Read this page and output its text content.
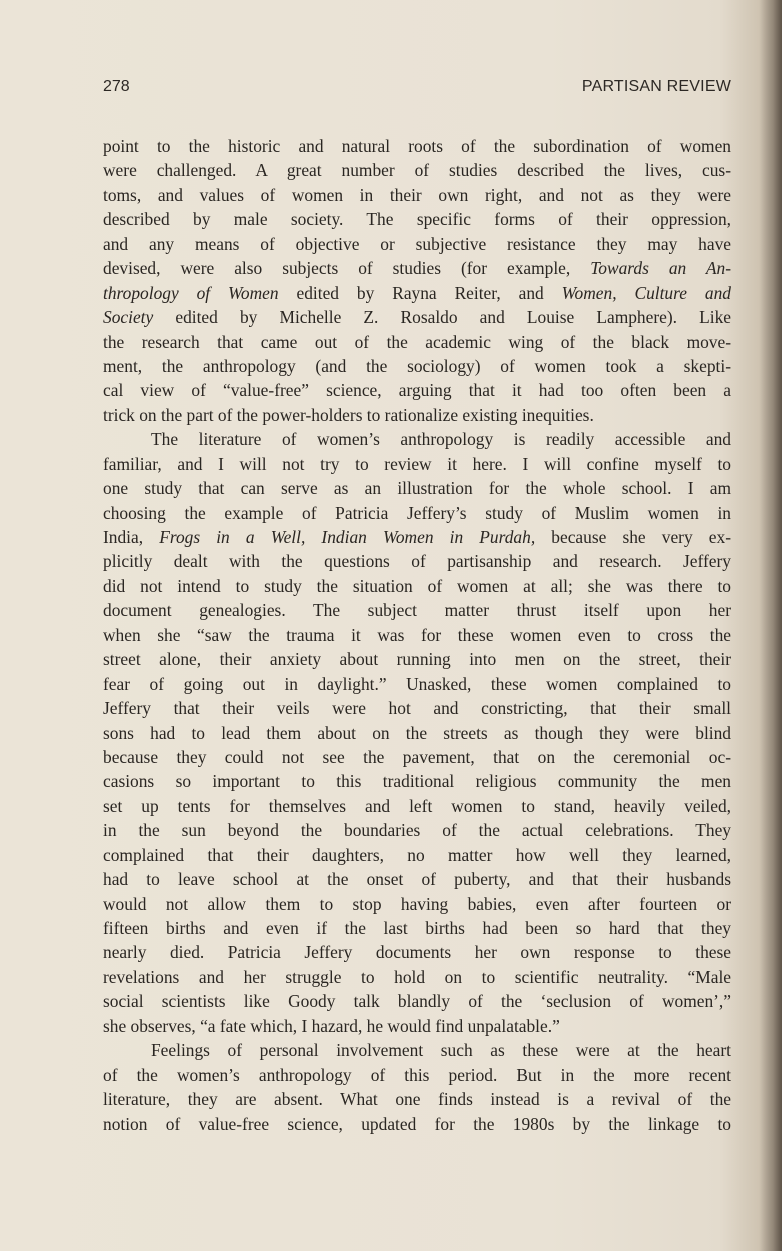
278	PARTISAN REVIEW
point to the historic and natural roots of the subordination of women
were challenged. A great number of studies described the lives, cus-
toms, and values of women in their own right, and not as they were
described by male society. The specific forms of their oppression,
and any means of objective or subjective resistance they may have
devised, were also subjects of studies (for example, Towards an An-
thropology of Women edited by Rayna Reiter, and Women, Culture and
Society edited by Michelle Z. Rosaldo and Louise Lamphere). Like
the research that came out of the academic wing of the black move-
ment, the anthropology (and the sociology) of women took a skepti-
cal view of “value-free” science, arguing that it had too often been a
trick on the part of the power-holders to rationalize existing inequities.
The literature of women’s anthropology is readily accessible and
familiar, and I will not try to review it here. I will confine myself to
one study that can serve as an illustration for the whole school. I am
choosing the example of Patricia Jeffery’s study of Muslim women in
India, Frogs in a Well, Indian Women in Purdah, because she very ex-
plicitly dealt with the questions of partisanship and research. Jeffery
did not intend to study the situation of women at all; she was there to
document genealogies. The subject matter thrust itself upon her
when she “saw the trauma it was for these women even to cross the
street alone, their anxiety about running into men on the street, their
fear of going out in daylight.” Unasked, these women complained to
Jeffery that their veils were hot and constricting, that their small
sons had to lead them about on the streets as though they were blind
because they could not see the pavement, that on the ceremonial oc-
casions so important to this traditional religious community the men
set up tents for themselves and left women to stand, heavily veiled,
in the sun beyond the boundaries of the actual celebrations. They
complained that their daughters, no matter how well they learned,
had to leave school at the onset of puberty, and that their husbands
would not allow them to stop having babies, even after fourteen or
fifteen births and even if the last births had been so hard that they
nearly died. Patricia Jeffery documents her own response to these
revelations and her struggle to hold on to scientific neutrality. “Male
social scientists like Goody talk blandly of the ‘seclusion of women’,”
she observes, “a fate which, I hazard, he would find unpalatable.”
Feelings of personal involvement such as these were at the heart
of the women’s anthropology of this period. But in the more recent
literature, they are absent. What one finds instead is a revival of the
notion of value-free science, updated for the 1980s by the linkage to
